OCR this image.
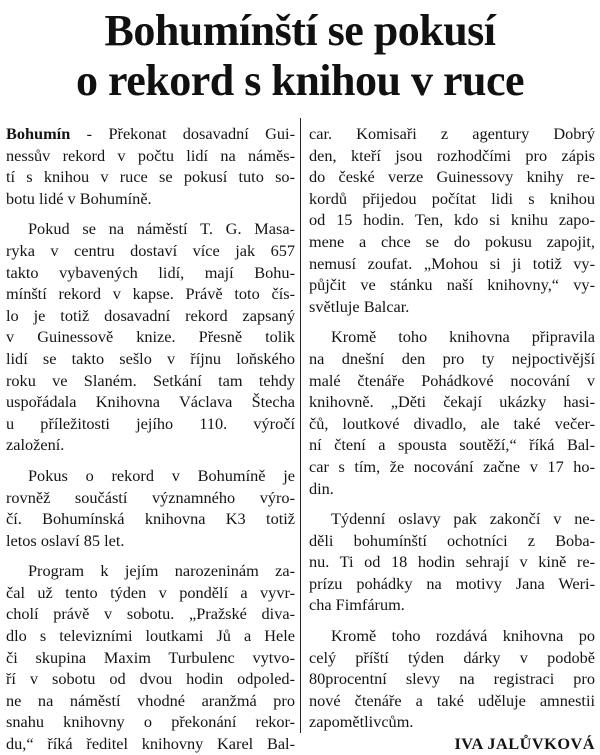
Bohumínští se pokusí
o rekord s knihou v ruce
Bohumín - Překonat dosavadní Gui-
nessův rekord v počtu lidí na náměs-
tí s knihou v ruce se pokusí tuto so-
botu lidé v Bohumíně.
Pokud se na náměstí T. G. Masa-
ryka v centru dostaví více jak 657
takto vybavených lidí, mají Bohu-
mínští rekord v kapse. Právě toto čís-
lo je totiž dosavadní rekord zapsaný
v Guinessově knize. Přesně tolik
lidí se takto sešlo v říjnu loňského
roku ve Slaném. Setkání tam tehdy
uspořádala Knihovna Václava Štecha
u příležitosti jejího 110. výročí
založení.
Pokus o rekord v Bohumíně je
rovněž součástí významného výro-
čí. Bohumínská knihovna K3 totiž
letos oslaví 85 let.
Program k jejím narozeninám za-
čal už tento týden v pondělí a vyvr-
cholí právě v sobotu. „Pražské diva-
dlo s televizními loutkami Jů a Hele
či skupina Maxim Turbulenc vytvo-
ří v sobotu od dvou hodin odpoled-
ne na náměstí vhodné aranžmá pro
snahu knihovny o překonání rekor-
du,“ říká ředitel knihovny Karel Bal-
car. Komisaři z agentury Dobrý
den, kteří jsou rozhodčími pro zápis
do české verze Guinessovy knihy re-
kordů přijedou počítat lidi s knihou
od 15 hodin. Ten, kdo si knihu zapo-
mene a chce se do pokusu zapojit,
nemusí zoufat. „Mohou si ji totiž vy-
půjčit ve stánku naší knihovny,“ vy-
světluje Balcar.
Kromě toho knihovna připravila
na dnešní den pro ty nejpoctivější
malé čtenáře Pohádkové nocování v
knihovně. „Děti čekají ukázky hasi-
čů, loutkové divadlo, ale také večer-
ní čtení a spousta soutěží,“ říká Bal-
car s tím, že nocování začne v 17 ho-
din.
Týdenní oslavy pak zakončí v ne-
děli bohumínští ochotníci z Boba-
nu. Ti od 18 hodin sehrají v kině re-
prízu pohádky na motivy Jana Weri-
cha Fimfárum.
Kromě toho rozdává knihovna po
celý příští týden dárky v podobě
80procentní slevy na registraci pro
nové čtenáře a také uděluje amnestii
zapomětlivcům.
IVA JALŮVKOVÁ
